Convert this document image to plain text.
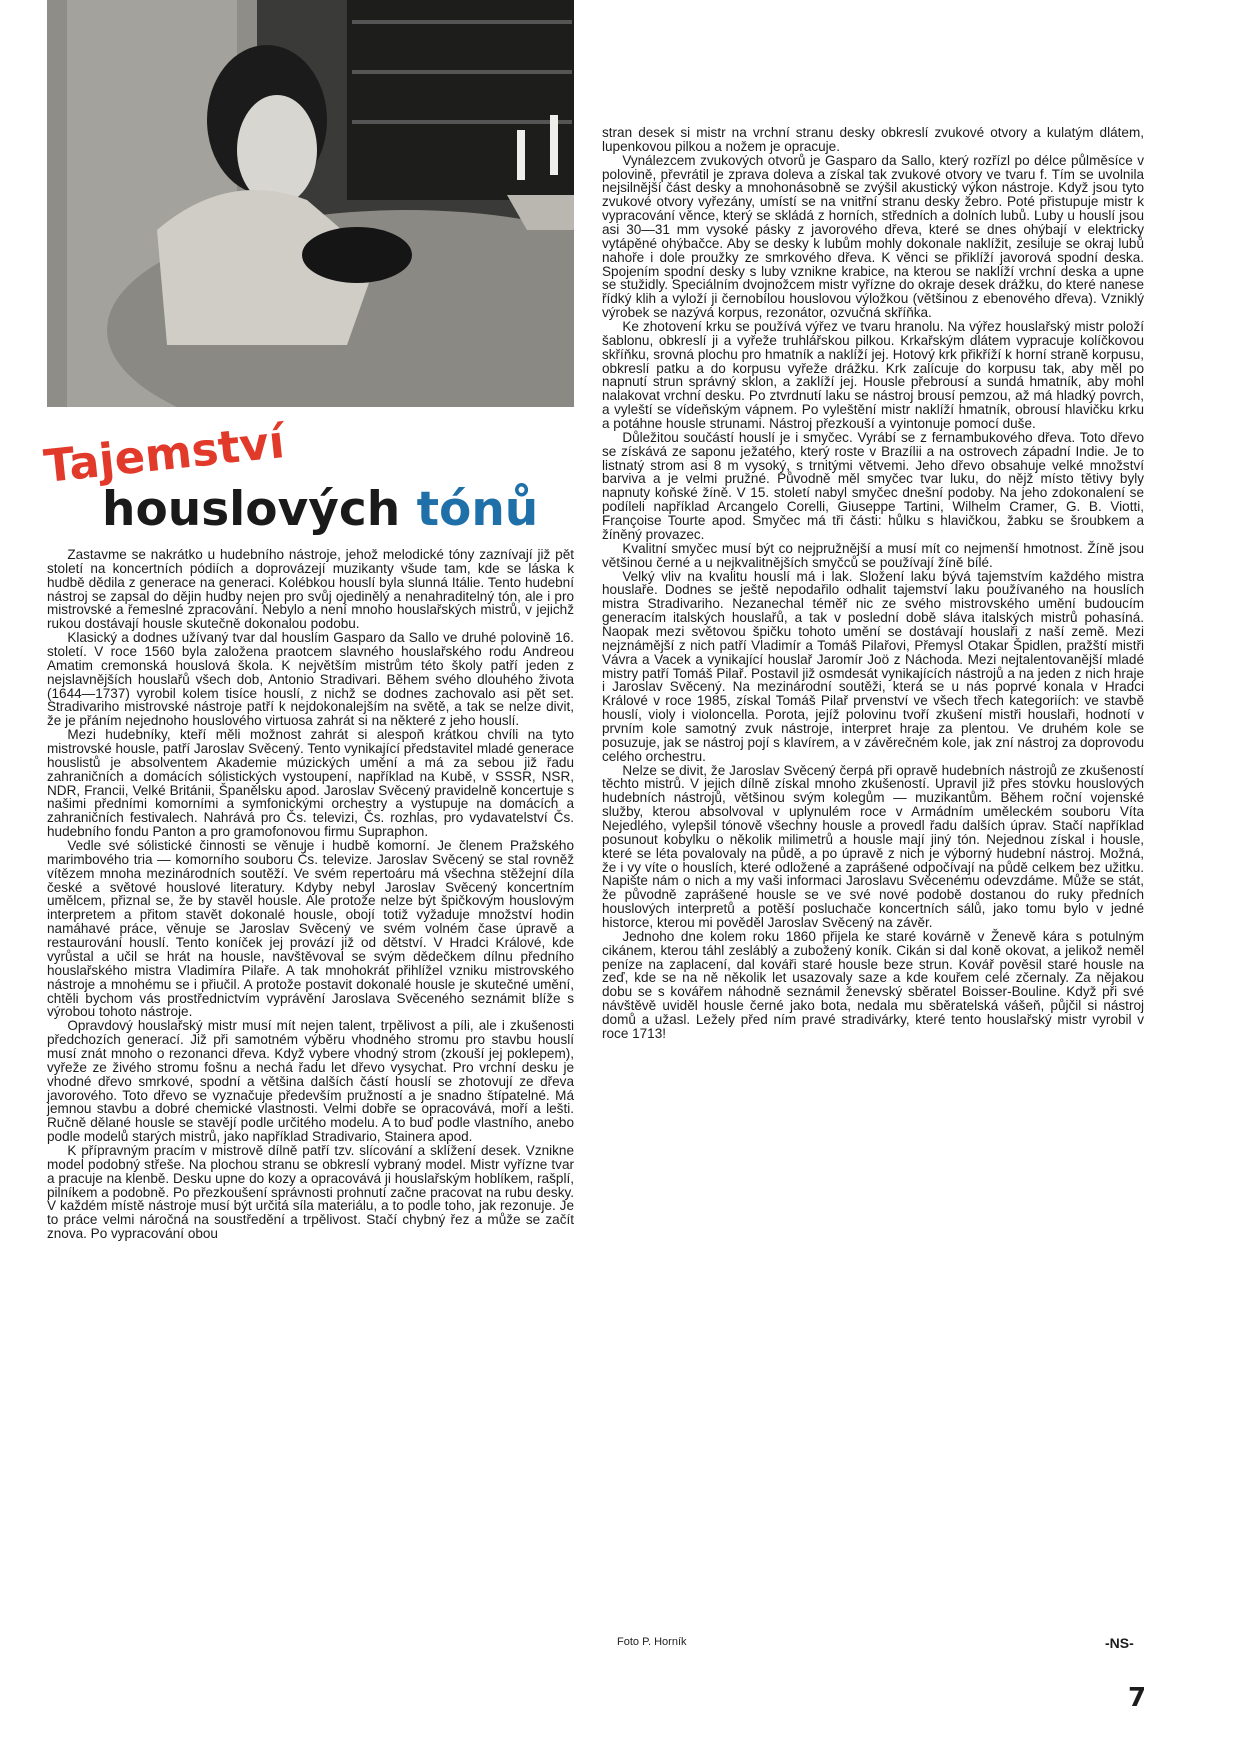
Tajemství
houslových tónů

Zastavme se nakrátko u hudebního nástroje, jehož melodické tóny zaznívají již pět století na koncertních pódiích a doprovázejí muzikanty všude tam, kde se láska k hudbě dědila z generace na generaci. Kolébkou houslí byla slunná Itálie. Tento hudební nástroj se zapsal do dějin hudby nejen pro svůj ojedinělý a nenahraditelný tón, ale i pro mistrovské a řemeslné zpracování. Nebylo a není mnoho houslařských mistrů, v jejichž rukou dostávají housle skutečně dokonalou podobu.

Klasický a dodnes užívaný tvar dal houslím Gasparo da Sallo ve druhé polovině 16. století. V roce 1560 byla založena praotcem slavného houslařského rodu Andreou Amatim cremonská houslová škola. K největším mistrům této školy patří jeden z nejslavnějších houslařů všech dob, Antonio Stradivari. Během svého dlouhého života (1644—1737) vyrobil kolem tisíce houslí, z nichž se dodnes zachovalo asi pět set. Stradivariho mistrovské nástroje patří k nejdokonalejším na světě, a tak se nelze divit, že je přáním nejednoho houslového virtuosa zahrát si na některé z jeho houslí.

Mezi hudebníky, kteří měli možnost zahrát si alespoň krátkou chvíli na tyto mistrovské housle, patří Jaroslav Svěcený. Tento vynikající představitel mladé generace houslistů je absolventem Akademie múzických umění a má za sebou již řadu zahraničních a domácích sólistických vystoupení, například na Kubě, v SSSR, NSR, NDR, Francii, Velké Británii, Španělsku apod. Jaroslav Svěcený pravidelně koncertuje s našimi předními komorními a symfonickými orchestry a vystupuje na domácích a zahraničních festivalech. Nahrává pro Čs. televizi, Čs. rozhlas, pro vydavatelství Čs. hudebního fondu Panton a pro gramofonovou firmu Supraphon.

Vedle své sólistické činnosti se věnuje i hudbě komorní. Je členem Pražského marimbového tria — komorního souboru Čs. televize. Jaroslav Svěcený se stal rovněž vítězem mnoha mezinárodních soutěží. Ve svém repertoáru má všechna stěžejní díla české a světové houslové literatury. Kdyby nebyl Jaroslav Svěcený koncertním umělcem, přiznal se, že by stavěl housle. Ale protože nelze být špičkovým houslovým interpretem a přitom stavět dokonalé housle, obojí totiž vyžaduje množství hodin namáhavé práce, věnuje se Jaroslav Svěcený ve svém volném čase úpravě a restaurování houslí. Tento koníček jej provází již od dětství. V Hradci Králové, kde vyrůstal a učil se hrát na housle, navštěvoval se svým dědečkem dílnu předního houslařského mistra Vladimíra Pilaře. A tak mnohokrát přihlížel vzniku mistrovského nástroje a mnohému se i přiučil. A protože postavit dokonalé housle je skutečné umění, chtěli bychom vás prostřednictvím vyprávění Jaroslava Svěceného seznámit blíže s výrobou tohoto nástroje.

Opravdový houslařský mistr musí mít nejen talent, trpělivost a píli, ale i zkušenosti předchozích generací. Již při samotném výběru vhodného stromu pro stavbu houslí musí znát mnoho o rezonanci dřeva. Když vybere vhodný strom (zkouší jej poklepem), vyřeže ze živého stromu fošnu a nechá řadu let dřevo vysychat. Pro vrchní desku je vhodné dřevo smrkové, spodní a většina dalších částí houslí se zhotovují ze dřeva javorového. Toto dřevo se vyznačuje především pružností a je snadno štípatelné. Má jemnou stavbu a dobré chemické vlastnosti. Velmi dobře se opracovává, moří a lešti. Ručně dělané housle se stavějí podle určitého modelu. A to buď podle vlastního, anebo podle modelů starých mistrů, jako například Stradivario, Stainera apod.

K přípravným pracím v mistrově dílně patří tzv. slícování a sklížení desek. Vznikne model podobný střeše. Na plochou stranu se obkreslí vybraný model. Mistr vyřízne tvar a pracuje na klenbě. Desku upne do kozy a opracovává ji houslařským hoblíkem, rašplí, pilníkem a podobně. Po přezkoušení správnosti prohnutí začne pracovat na rubu desky. V každém místě nástroje musí být určitá síla materiálu, a to podle toho, jak rezonuje. Je to práce velmi náročná na soustředění a trpělivost. Stačí chybný řez a může se začít znova. Po vypracování obou

stran desek si mistr na vrchní stranu desky obkreslí zvukové otvory a kulatým dlátem, lupenkovou pilkou a nožem je opracuje.

Vynálezcem zvukových otvorů je Gasparo da Sallo, který rozřízl po délce půlměsíce v polovině, převrátil je zprava doleva a získal tak zvukové otvory ve tvaru f. Tím se uvolnila nejsilnější část desky a mnohonásobně se zvýšil akustický výkon nástroje. Když jsou tyto zvukové otvory vyřezány, umístí se na vnitřní stranu desky žebro. Poté přistupuje mistr k vypracování věnce, který se skládá z horních, středních a dolních lubů. Luby u houslí jsou asi 30—31 mm vysoké pásky z javorového dřeva, které se dnes ohýbají v elektricky vytápěné ohýbačce. Aby se desky k lubům mohly dokonale naklížit, zesiluje se okraj lubů nahoře i dole proužky ze smrkového dřeva. K věnci se přiklíží javorová spodní deska. Spojením spodní desky s luby vznikne krabice, na kterou se naklíží vrchní deska a upne se stužidly. Speciálním dvojnožcem mistr vyřízne do okraje desek drážku, do které nanese řídký klih a vyloží ji černobílou houslovou výložkou (většinou z ebenového dřeva). Vzniklý výrobek se nazývá korpus, rezonátor, ozvučná skříňka.

Ke zhotovení krku se používá výřez ve tvaru hranolu. Na výřez houslařský mistr položí šablonu, obkreslí ji a vyřeže truhlářskou pilkou. Krkařským dlátem vypracuje kolíčkovou skříňku, srovná plochu pro hmatník a naklíží jej. Hotový krk přikříží k horní straně korpusu, obkreslí patku a do korpusu vyřeže drážku. Krk zalícuje do korpusu tak, aby měl po napnutí strun správný sklon, a zaklíží jej. Housle přebrousí a sundá hmatník, aby mohl nalakovat vrchní desku. Po ztvrdnutí laku se nástroj brousí pemzou, až má hladký povrch, a vyleští se vídeňským vápnem. Po vyleštění mistr naklíží hmatník, obrousí hlavičku krku a potáhne housle strunami. Nástroj přezkouší a vyintonuje pomocí duše.

Důležitou součástí houslí je i smyčec. Vyrábí se z fernambukového dřeva. Toto dřevo se získává ze saponu ježatého, který roste v Brazílii a na ostrovech západní Indie. Je to listnatý strom asi 8 m vysoký, s trnitými větvemi. Jeho dřevo obsahuje velké množství barviva a je velmi pružné. Původně měl smyčec tvar luku, do nějž místo tětivy byly napnuty koňské žíně. V 15. století nabyl smyčec dnešní podoby. Na jeho zdokonalení se podíleli například Arcangelo Corelli, Giuseppe Tartini, Wilhelm Cramer, G. B. Viotti, Françoise Tourte apod. Smyčec má tři části: hůlku s hlavičkou, žabku se šroubkem a žíněný provazec.

Kvalitní smyčec musí být co nejpružnější a musí mít co nejmenší hmotnost. Žíně jsou většinou černé a u nejkvalitnějších smyčců se používají žíně bílé.

Velký vliv na kvalitu houslí má i lak. Složení laku bývá tajemstvím každého mistra houslaře. Dodnes se ještě nepodařilo odhalit tajemství laku používaného na houslích mistra Stradivariho. Nezanechal téměř nic ze svého mistrovského umění budoucím generacím italských houslařů, a tak v poslední době sláva italských mistrů pohasíná. Naopak mezi světovou špičku tohoto umění se dostávají houslaři z naší země. Mezi nejznámější z nich patří Vladimír a Tomáš Pilařovi, Přemysl Otakar Špidlen, pražští mistři Vávra a Vacek a vynikající houslař Jaromír Joö z Náchoda. Mezi nejtalentovanější mladé mistry patří Tomáš Pilař. Postavil již osmdesát vynikajících nástrojů a na jeden z nich hraje i Jaroslav Svěcený. Na mezinárodní soutěži, která se u nás poprvé konala v Hradci Králové v roce 1985, získal Tomáš Pilař prvenství ve všech třech kategoriích: ve stavbě houslí, violy i violoncella. Porota, jejíž polovinu tvoří zkušení mistři houslaři, hodnotí v prvním kole samotný zvuk nástroje, interpret hraje za plentou. Ve druhém kole se posuzuje, jak se nástroj pojí s klavírem, a v závěrečném kole, jak zní nástroj za doprovodu celého orchestru.

Nelze se divit, že Jaroslav Svěcený čerpá při opravě hudebních nástrojů ze zkušeností těchto mistrů. V jejich dílně získal mnoho zkušeností. Upravil již přes stovku houslových hudebních nástrojů, většinou svým kolegům — muzikantům. Během roční vojenské služby, kterou absolvoval v uplynulém roce v Armádním uměleckém souboru Víta Nejedlého, vylepšil tónově všechny housle a provedl řadu dalších úprav. Stačí například posunout kobylku o několik milimetrů a housle mají jiný tón. Nejednou získal i housle, které se léta povalovaly na půdě, a po úpravě z nich je výborný hudební nástroj. Možná, že i vy víte o houslích, které odložené a zaprášené odpočívají na půdě celkem bez užitku. Napište nám o nich a my vaši informaci Jaroslavu Svěcenému odevzdáme. Může se stát, že původně zaprášené housle se ve své nové podobě dostanou do ruky předních houslových interpretů a potěší posluchače koncertních sálů, jako tomu bylo v jedné historce, kterou mi pověděl Jaroslav Svěcený na závěr.

Jednoho dne kolem roku 1860 přijela ke staré kovárně v Ženevě kára s potulným cikánem, kterou táhl zesláblý a zubožený koník. Cikán si dal koně okovat, a jelikož neměl peníze na zaplacení, dal kováři staré housle beze strun. Kovář pověsil staré housle na zeď, kde se na ně několik let usazovaly saze a kde kouřem celé zčernaly. Za nějakou dobu se s kovářem náhodně seznámil ženevský sběratel Boisser-Bouline. Když při své návštěvě uviděl housle černé jako bota, nedala mu sběratelská vášeň, půjčil si nástroj domů a užasl. Ležely před ním pravé stradivárky, které tento houslařský mistr vyrobil v roce 1713!

Foto P. Horník	-NS-
7
